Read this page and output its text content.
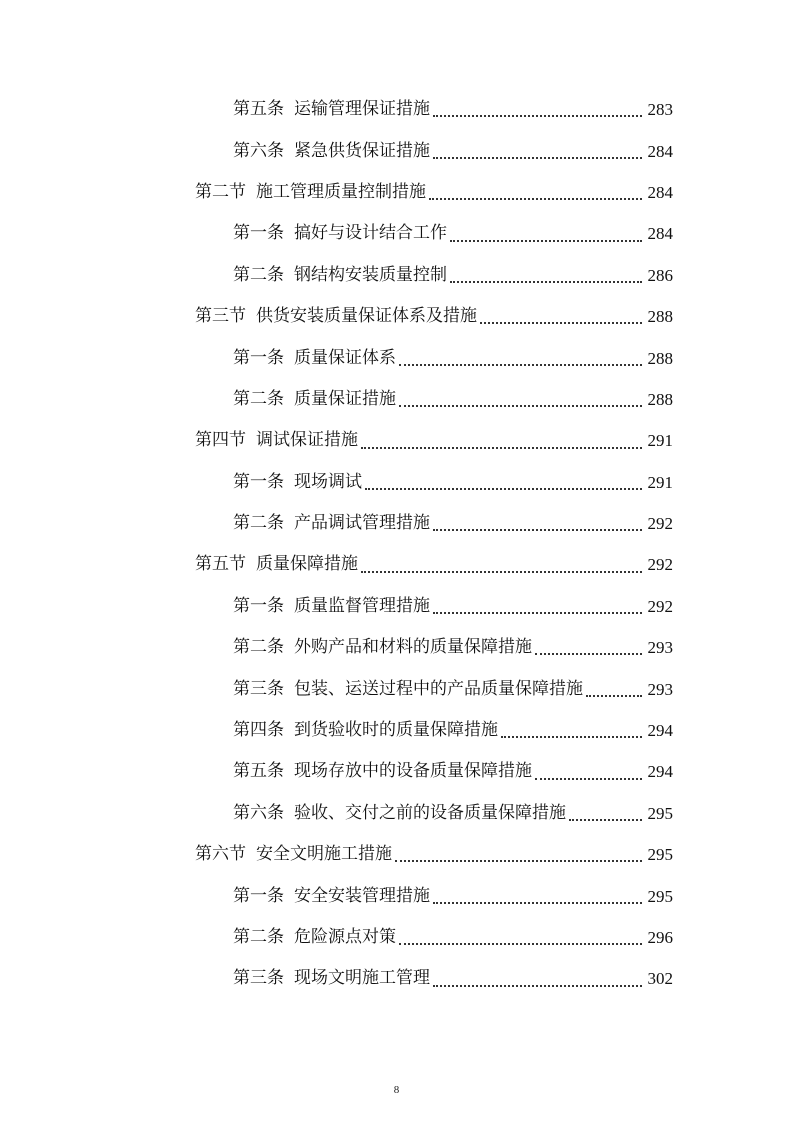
第五条 运输管理保证措施	283
第六条 紧急供货保证措施	284
第二节 施工管理质量控制措施	284
第一条 搞好与设计结合工作	284
第二条 钢结构安装质量控制	286
第三节 供货安装质量保证体系及措施	288
第一条 质量保证体系	288
第二条 质量保证措施	288
第四节 调试保证措施	291
第一条 现场调试	291
第二条 产品调试管理措施	292
第五节 质量保障措施	292
第一条 质量监督管理措施	292
第二条 外购产品和材料的质量保障措施	293
第三条 包装、运送过程中的产品质量保障措施	293
第四条 到货验收时的质量保障措施	294
第五条 现场存放中的设备质量保障措施	294
第六条 验收、交付之前的设备质量保障措施	295
第六节 安全文明施工措施	295
第一条 安全安装管理措施	295
第二条 危险源点对策	296
第三条 现场文明施工管理	302
8
